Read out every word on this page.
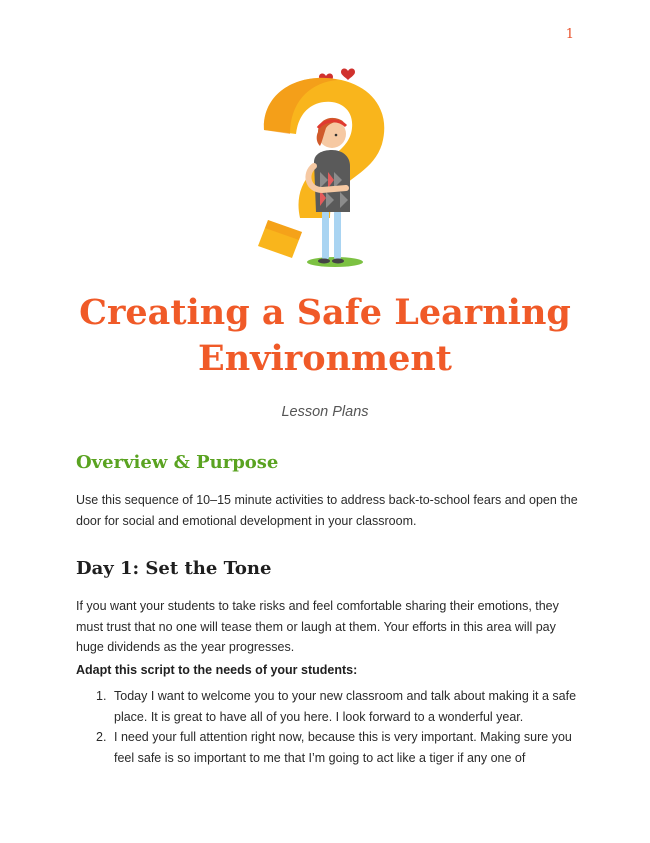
1
Creating a Safe Learning Environment
Lesson Plans
Overview & Purpose

Use this sequence of 10–15 minute activities to address back-to-school fears and open the door for social and emotional development in your classroom.

Day 1: Set the Tone

If you want your students to take risks and feel comfortable sharing their emotions, they must trust that no one will tease them or laugh at them. Your efforts in this area will pay huge dividends as the year progresses.

Adapt this script to the needs of your students:

1. Today I want to welcome you to your new classroom and talk about making it a safe place. It is great to have all of you here. I look forward to a wonderful year.
2. I need your full attention right now, because this is very important. Making sure you feel safe is so important to me that I’m going to act like a tiger if any one of
